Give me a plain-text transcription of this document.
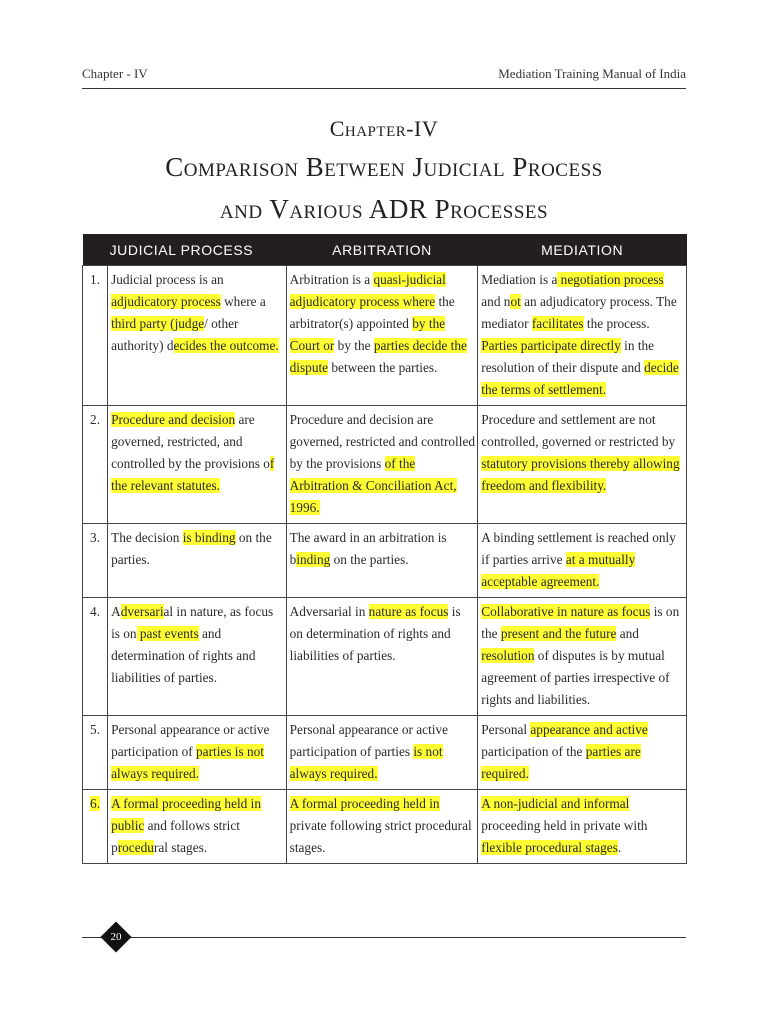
Chapter - IV	Mediation Training Manual of India
Chapter-IV
Comparison Between Judicial Process
and Various ADR Processes
	JUDICIAL PROCESS	ARBITRATION	MEDIATION
1.	Judicial process is an adjudicatory process where a third party (judge/ other authority) decides the outcome.	Arbitration is a quasi-judicial adjudicatory process where the arbitrator(s) appointed by the Court or by the parties decide the dispute between the parties.	Mediation is a negotiation process and not an adjudicatory process. The mediator facilitates the process. Parties participate directly in the resolution of their dispute and decide the terms of settlement.
2.	Procedure and decision are governed, restricted, and controlled by the provisions of the relevant statutes.	Procedure and decision are governed, restricted and controlled by the provisions of the Arbitration & Conciliation Act, 1996.	Procedure and settlement are not controlled, governed or restricted by statutory provisions thereby allowing freedom and flexibility.
3.	The decision is binding on the parties.	The award in an arbitration is binding on the parties.	A binding settlement is reached only if parties arrive at a mutually acceptable agreement.
4.	Adversarial in nature, as focus is on past events and determination of rights and liabilities of parties.	Adversarial in nature as focus is on determination of rights and liabilities of parties.	Collaborative in nature as focus is on the present and the future and resolution of disputes is by mutual agreement of parties irrespective of rights and liabilities.
5.	Personal appearance or active participation of parties is not always required.	Personal appearance or active participation of parties is not always required.	Personal appearance and active participation of the parties are required.
6.	A formal proceeding held in public and follows strict procedural stages.	A formal proceeding held in private following strict procedural stages.	A non-judicial and informal proceeding held in private with flexible procedural stages.
20
